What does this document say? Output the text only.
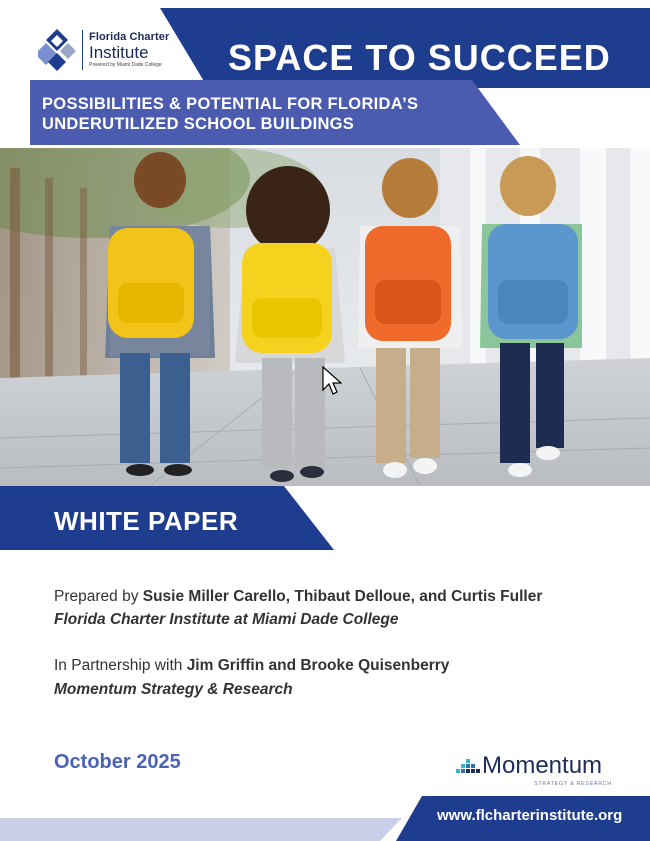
Florida Charter
Institute
Powered by Miami Dade College SPACE TO SUCCEED
POSSIBILITIES & POTENTIAL FOR FLORIDA’S
UNDERUTILIZED SCHOOL BUILDINGS
WHITE PAPER
Prepared by Susie Miller Carello, Thibaut Delloue, and Curtis Fuller
Florida Charter Institute at Miami Dade College
In Partnership with Jim Griffin and Brooke Quisenberry
Momentum Strategy & Research
October 2025	Momentum
STRATEGY & RESEARCH
www.flcharterinstitute.org
